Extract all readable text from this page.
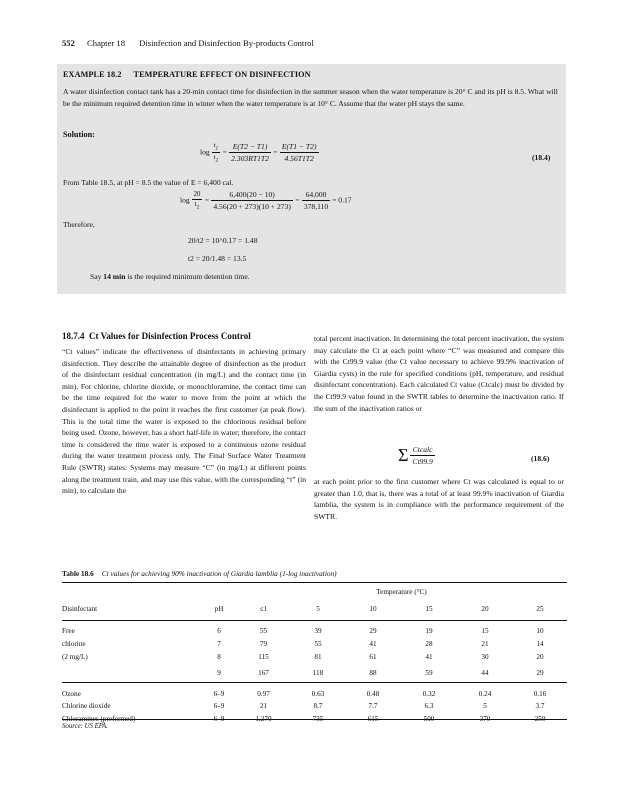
552 Chapter 18 Disinfection and Disinfection By-products Control
EXAMPLE 18.2 TEMPERATURE EFFECT ON DISINFECTION
A water disinfection contact tank has a 20-min contact time for disinfection in the summer season when the water temperature is 20° C and its pH is 8.5. What will be the minimum required detention time in winter when the water temperature is at 10° C. Assume that the water pH stays the same.
Solution:
$\log \frac{t_1}{t_2} = \frac{E(T2 - T1)}{2.303RT1T2} = \frac{E(T1 - T2)}{4.56T1T2}$	(18.4)
From Table 18.5, at pH = 8.5 the value of E = 6,400 cal.
$\log \frac{20}{t_2} = \frac{6,400(20 - 10)}{4.56(20 + 273)(10 + 273)} = \frac{64,000}{378,110} = 0.17$
Therefore,
20/t2 = 10^0.17 = 1.48
t2 = 20/1.48 = 13.5
Say 14 min is the required minimum detention time.
18.7.4 Ct Values for Disinfection Process Control
“Ct values” indicate the effectiveness of disinfectants in achieving primary disinfection. They describe the attainable degree of disinfection as the product of the disinfectant residual concentration (in mg/L) and the contact time (in min). For chlorine, chlorine dioxide, or monochloramine, the contact time can be the time required for the water to move from the point at which the disinfectant is applied to the point it reaches the first customer (at peak flow). This is the total time the water is exposed to the chlorinous residual before being used. Ozone, however, has a short half-life in water; therefore, the contact time is considered the time water is exposed to a continuous ozone residual during the water treatment process only. The Final Surface Water Treatment Rule (SWTR) states: Systems may measure “C” (in mg/L) at different points along the treatment train, and may use this value, with the corresponding “t” (in min), to calculate the
total percent inactivation. In determining the total percent inactivation, the system may calculate the Ct at each point where “C” was measured and compare this with the Ct99.9 value (the Ct value necessary to achieve 99.9% inactivation of Giardia cysts) in the rule for specified conditions (pH, temperature, and residual disinfectant concentration). Each calculated Ct value (Ctcalc) must be divided by the Ct99.9 value found in the SWTR tables to determine the inactivation ratio. If the sum of the inactivation ratios or
Σ $\frac{\text{Ctcalc}}{Ct99.9}$	(18.6)
at each point prior to the first customer where Ct was calculated is equal to or greater than 1.0, that is, there was a total of at least 99.9% inactivation of Giardia lamblia, the system is in compliance with the performance requirement of the SWTR.
Table 18.6 Ct values for achieving 90% inactivation of Giardia lamblia (1-log inactivation)
		Temperature (°C)					
Disinfectant	pH	≤1	5	10	15	20	25

Free	6	55	39	29	19	15	10
chlorine	7	79	55	41	28	21	14
(2 mg/L)	8	115	81	61	41	30	20
	9	167	118	88	59	44	29

Ozone	6–9	0.97	0.63	0.48	0.32	0.24	0.16
Chlorine dioxide	6–9	21	8.7	7.7	6.3	5	3.7
Chloramines (preformed)	6–9	1,270	735	615	500	370	250
Source: US EPA.
